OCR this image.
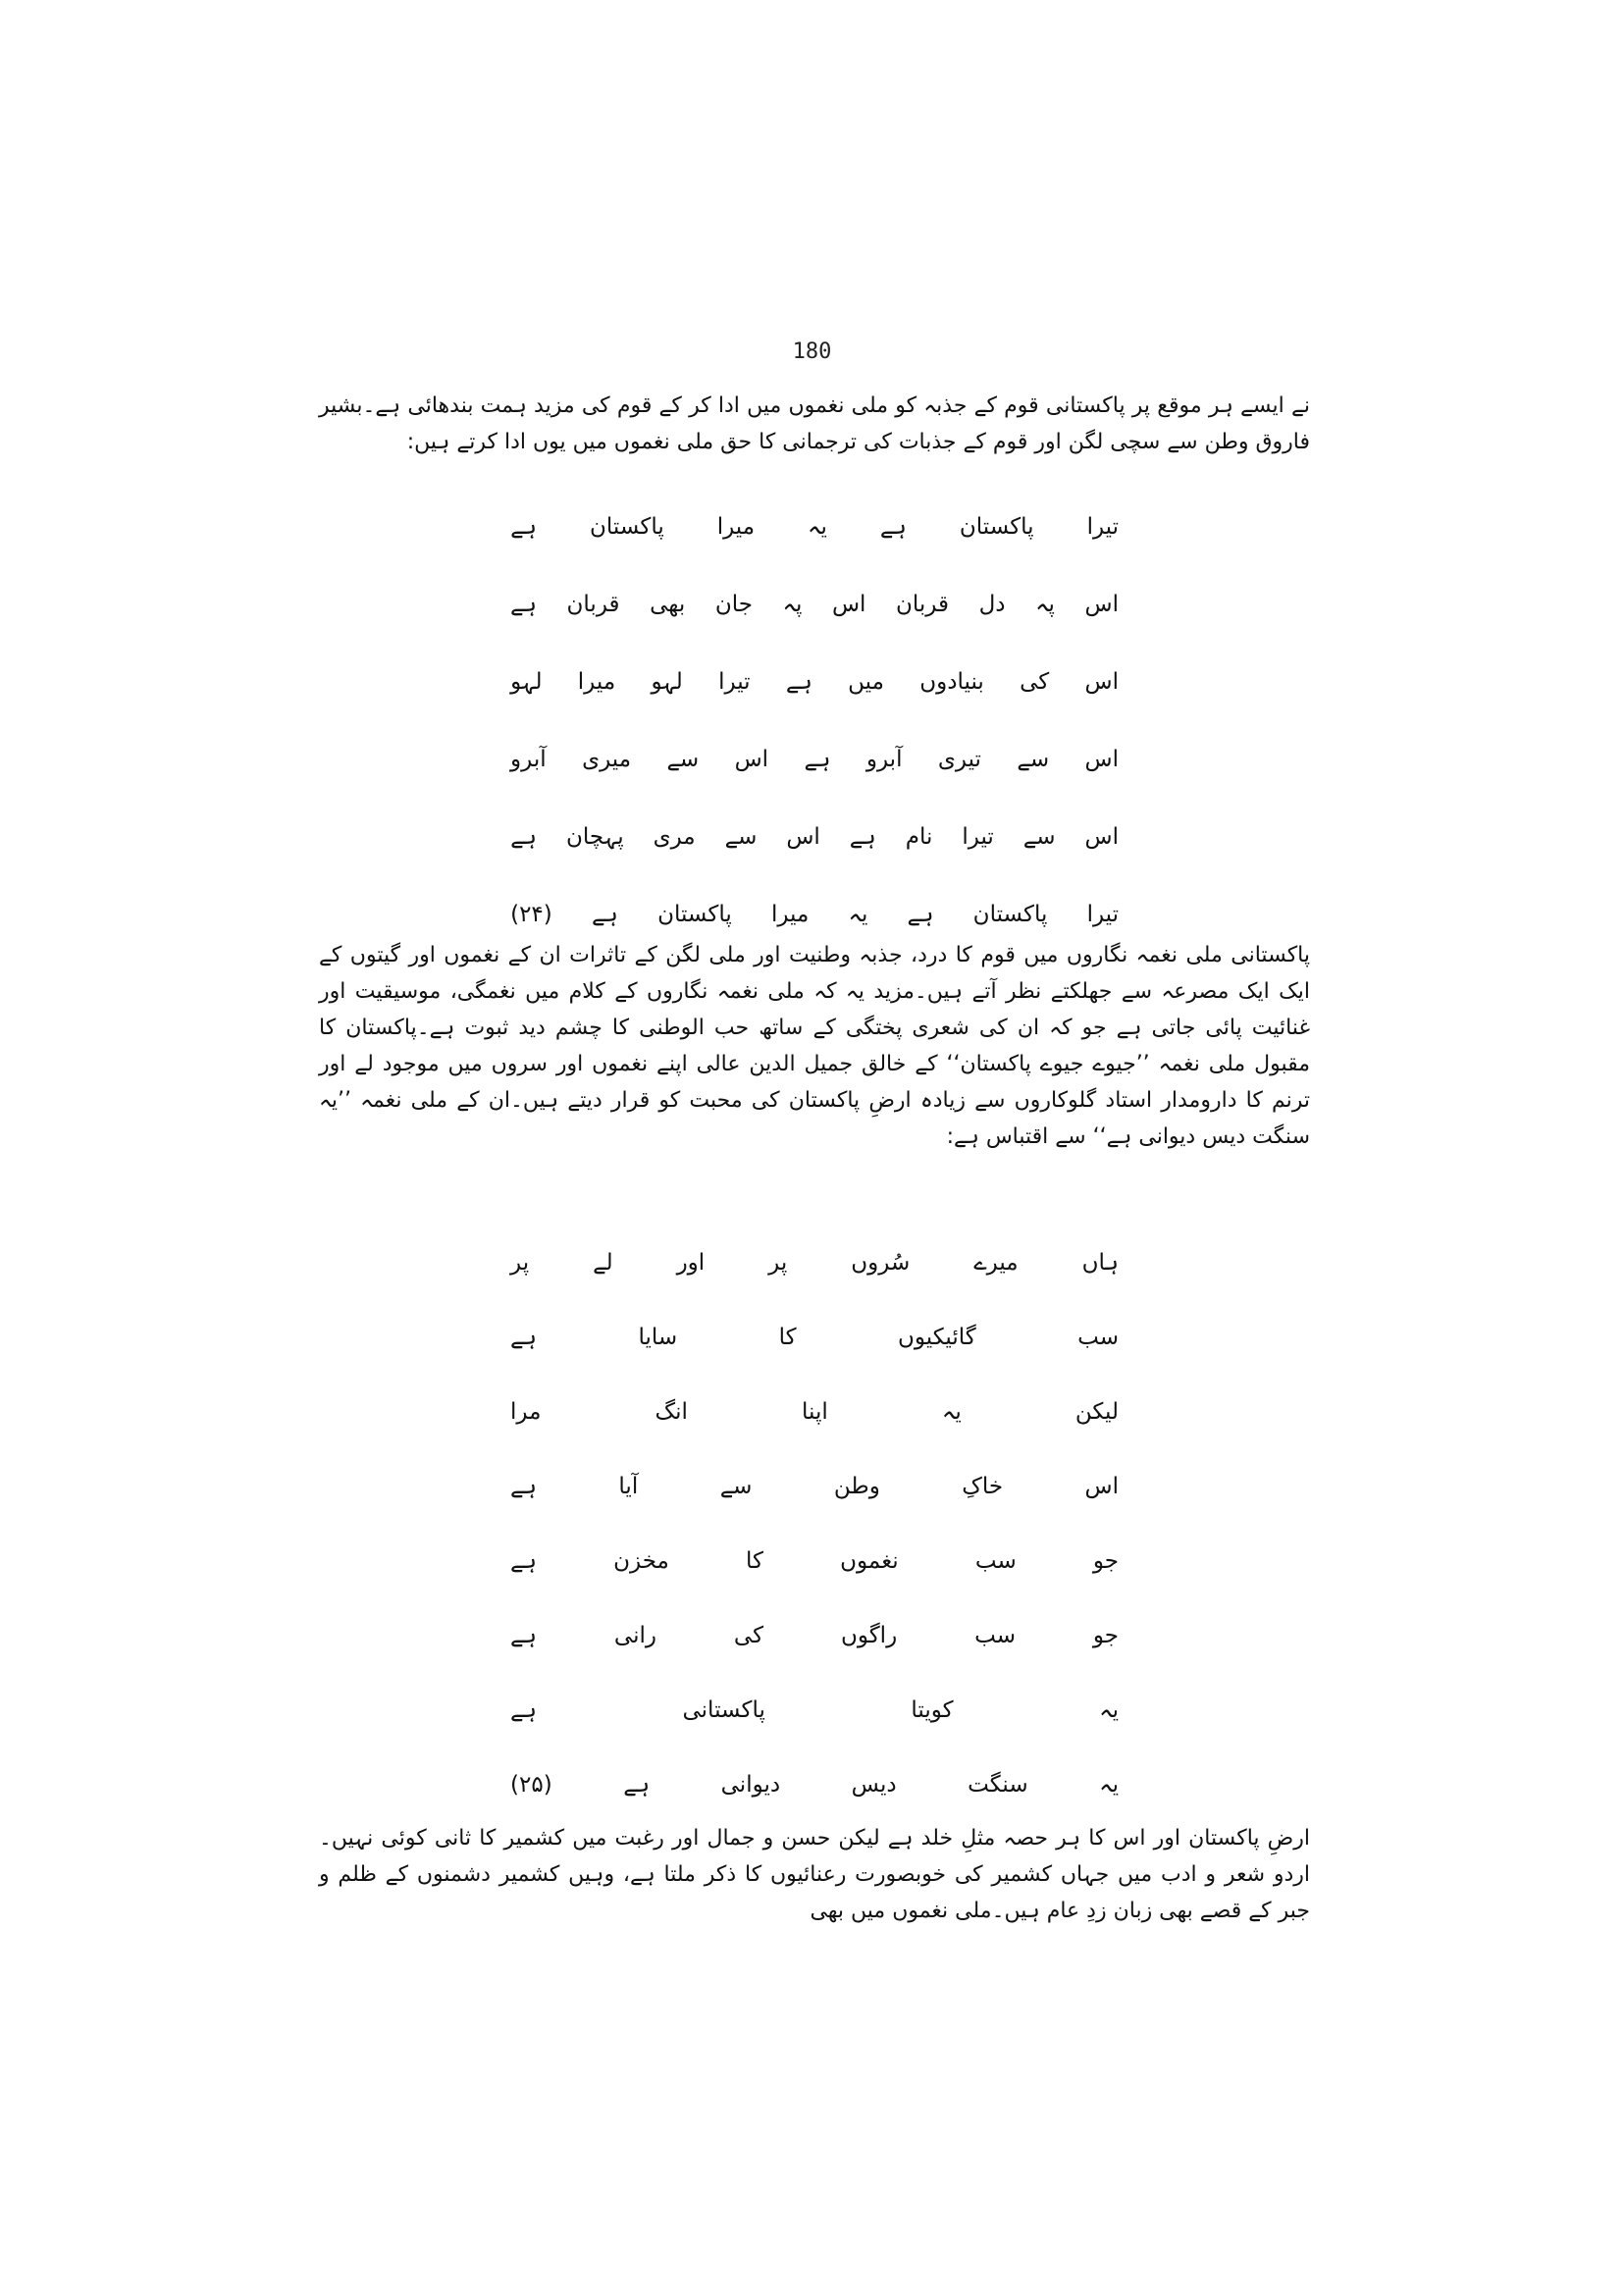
180

نے ایسے ہر موقع پر پاکستانی قوم کے جذبہ کو ملی نغموں میں ادا کر کے قوم کی مزید ہمت بندھائی ہے۔بشیر فاروق وطن سے سچی لگن اور قوم کے جذبات کی ترجمانی کا حق ملی نغموں میں یوں ادا کرتے ہیں:

تیرا
پاکستان
ہے
یہ
میرا
پاکستان
ہے
اس
پہ
دل
قربان
اس
پہ
جان
بھی
قربان
ہے
اس
کی
بنیادوں
میں
ہے
تیرا
لہو
میرا
لہو
اس
سے
تیری
آبرو
ہے
اس
سے
میری
آبرو
اس
سے
تیرا
نام
ہے
اس
سے
مری
پہچان
ہے
تیرا
پاکستان
ہے
یہ
میرا
پاکستان
ہے
(۲۴)

پاکستانی ملی نغمہ نگاروں میں قوم کا درد، جذبہ وطنیت اور ملی لگن کے تاثرات ان کے نغموں اور گیتوں کے ایک ایک مصرعہ سے جھلکتے نظر آتے ہیں۔مزید یہ کہ ملی نغمہ نگاروں کے کلام میں نغمگی، موسیقیت اور غنائیت پائی جاتی ہے جو کہ ان کی شعری پختگی کے ساتھ حب الوطنی کا چشم دید ثبوت ہے۔پاکستان کا مقبول ملی نغمہ ’’جیوے جیوے پاکستان‘‘ کے خالق جمیل الدین عالی اپنے نغموں اور سروں میں موجود لے اور ترنم کا دارومدار استاد گلوکاروں سے زیادہ ارضِ پاکستان کی محبت کو قرار دیتے ہیں۔ان کے ملی نغمہ ’’یہ سنگت دیس دیوانی ہے‘‘ سے اقتباس ہے:

ہاں
میرے
سُروں
پر
اور
لے
پر
سب
گائیکیوں
کا
سایا
ہے
لیکن
یہ
اپنا
انگ
مرا
اس
خاکِ
وطن
سے
آیا
ہے
جو
سب
نغموں
کا
مخزن
ہے
جو
سب
راگوں
کی
رانی
ہے
یہ
کویتا
پاکستانی
ہے
یہ
سنگت
دیس
دیوانی
ہے
(۲۵)

ارضِ پاکستان اور اس کا ہر حصہ مثلِ خلد ہے لیکن حسن و جمال اور رغبت میں کشمیر کا ثانی کوئی نہیں۔اردو شعر و ادب میں جہاں کشمیر کی خوبصورت رعنائیوں کا ذکر ملتا ہے، وہیں کشمیر دشمنوں کے ظلم و جبر کے قصے بھی زبان زدِ عام ہیں۔ملی نغموں میں بھی
